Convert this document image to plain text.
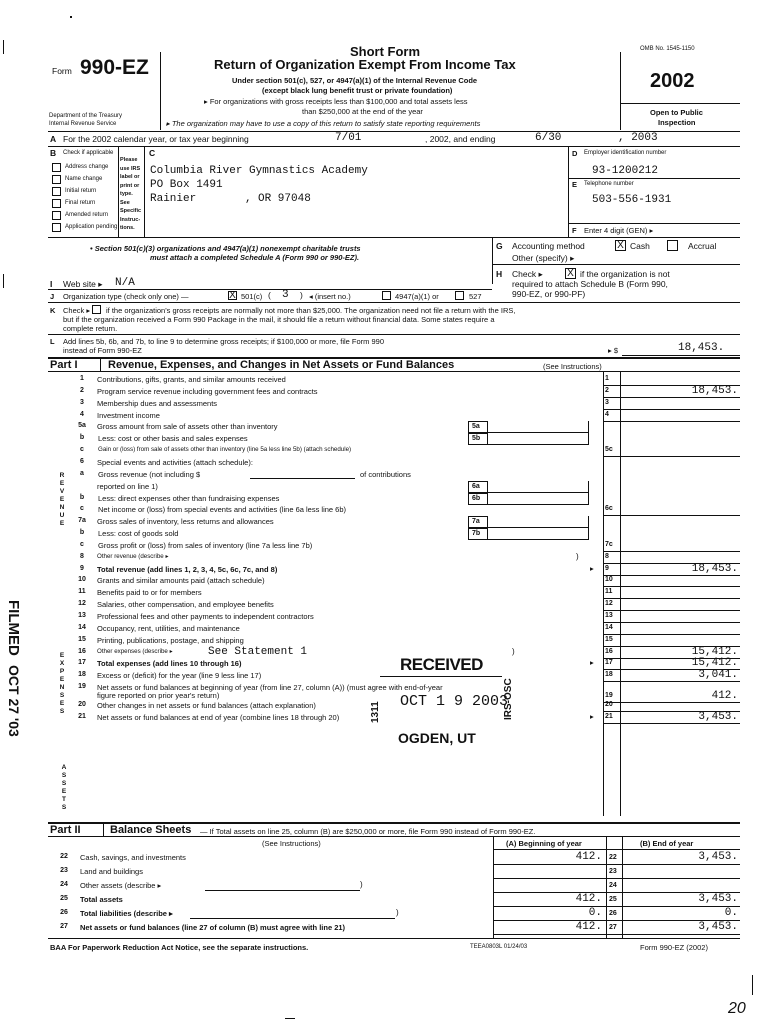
Form 990-EZ
Department of the Treasury
Internal Revenue Service
Short Form
Return of Organization Exempt From Income Tax
Under section 501(c), 527, or 4947(a)(1) of the Internal Revenue Code
(except black lung benefit trust or private foundation)
▸ For organizations with gross receipts less than $100,000 and total assets less
than $250,000 at the end of the year
▸ The organization may have to use a copy of this return to satisfy state reporting requirements
OMB No. 1545-1150
2002
Open to Public
Inspection
A For the 2002 calendar year, or tax year beginning	7/01	, 2002, and ending	6/30	, 2003
B Check if applicable
Address change
Name change
Initial return
Final return
Amended return
Application pending
Please
use IRS
label or
print or
type.
See
Specific
Instruc-
tions.
C
Columbia River Gymnastics Academy
PO Box 1491
Rainier	, OR 97048
D Employer identification number
93-1200212
E Telephone number
503-556-1931
F Enter 4 digit (GEN) ▸
• Section 501(c)(3) organizations and 4947(a)(1) nonexempt charitable trusts
must attach a completed Schedule A (Form 990 or 990-EZ).
G Accounting method	X Cash	Accrual
Other (specify) ▸
H Check ▸ X if the organization is not
required to attach Schedule B (Form 990,
990-EZ, or 990-PF)
I Web site ▸ N/A
J Organization type (check only one) —	X 501(c) ( 3 ) ◂ (insert no.)	4947(a)(1) or	527
K Check ▸ if the organization's gross receipts are normally not more than $25,000. The organization need not file a return with the IRS,
but if the organization received a Form 990 Package in the mail, it should file a return without financial data. Some states require a
complete return.
L Add lines 5b, 6b, and 7b, to line 9 to determine gross receipts; if $100,000 or more, file Form 990
instead of Form 990-EZ	▸ $	18,453.
Part I	Revenue, Expenses, and Changes in Net Assets or Fund Balances	(See Instructions)
1	Contributions, gifts, grants, and similar amounts received	1
2	Program service revenue including government fees and contracts	2	18,453.
3	Membership dues and assessments	3
4	Investment income	4
5a	Gross amount from sale of assets other than inventory	5a
b	Less: cost or other basis and sales expenses	5b
c	Gain or (loss) from sale of assets other than inventory (line 5a less line 5b) (attach schedule)	5c
6	Special events and activities (attach schedule):
a	Gross revenue (not including $	of contributions
reported on line 1)	6a
b	Less: direct expenses other than fundraising expenses	6b
c	Net income or (loss) from special events and activities (line 6a less line 6b)	6c
7a	Gross sales of inventory, less returns and allowances	7a
b	Less: cost of goods sold	7b
c	Gross profit or (loss) from sales of inventory (line 7a less line 7b)	7c
8	Other revenue (describe ▸	)	8
9	Total revenue (add lines 1, 2, 3, 4, 5c, 6c, 7c, and 8)	▸ 9	18,453.
10	Grants and similar amounts paid (attach schedule)	10
11	Benefits paid to or for members	11
12	Salaries, other compensation, and employee benefits	12
13	Professional fees and other payments to independent contractors	13
14	Occupancy, rent, utilities, and maintenance	14
15	Printing, publications, postage, and shipping	15
16	Other expenses (describe ▸	See Statement 1	)	16	15,412.
17	Total expenses (add lines 10 through 16)	▸ 17	15,412.
18	Excess or (deficit) for the year (line 9 less line 17)	18	3,041.
19	Net assets or fund balances at beginning of year (from line 27, column (A)) (must agree with end-of-year
figure reported on prior year's return)	19	412.
20	Other changes in net assets or fund balances (attach explanation)	20
21	Net assets or fund balances at end of year (combine lines 18 through 20)	▸ 21	3,453.
R
E
V
E
N
U
E
E
X
P
E
N
S
E
S
A
S
S
E
T
S
RECEIVED
OCT 1 9 2003
1311	IRS-OSC
OGDEN, UT
Part II	Balance Sheets — If Total assets on line 25, column (B) are $250,000 or more, file Form 990 instead of Form 990-EZ.
(See Instructions)	(A) Beginning of year	(B) End of year
22	Cash, savings, and investments	412. 22	3,453.
23	Land and buildings	23
24	Other assets (describe ▸	)	24
25	Total assets	412. 25	3,453.
26	Total liabilities (describe ▸	)	0. 26	0.
27	Net assets or fund balances (line 27 of column (B) must agree with line 21)	412. 27	3,453.
BAA For Paperwork Reduction Act Notice, see the separate instructions.	TEEA0803L 01/24/03	Form 990-EZ (2002)
FILMED
OCT 27 '03
20
